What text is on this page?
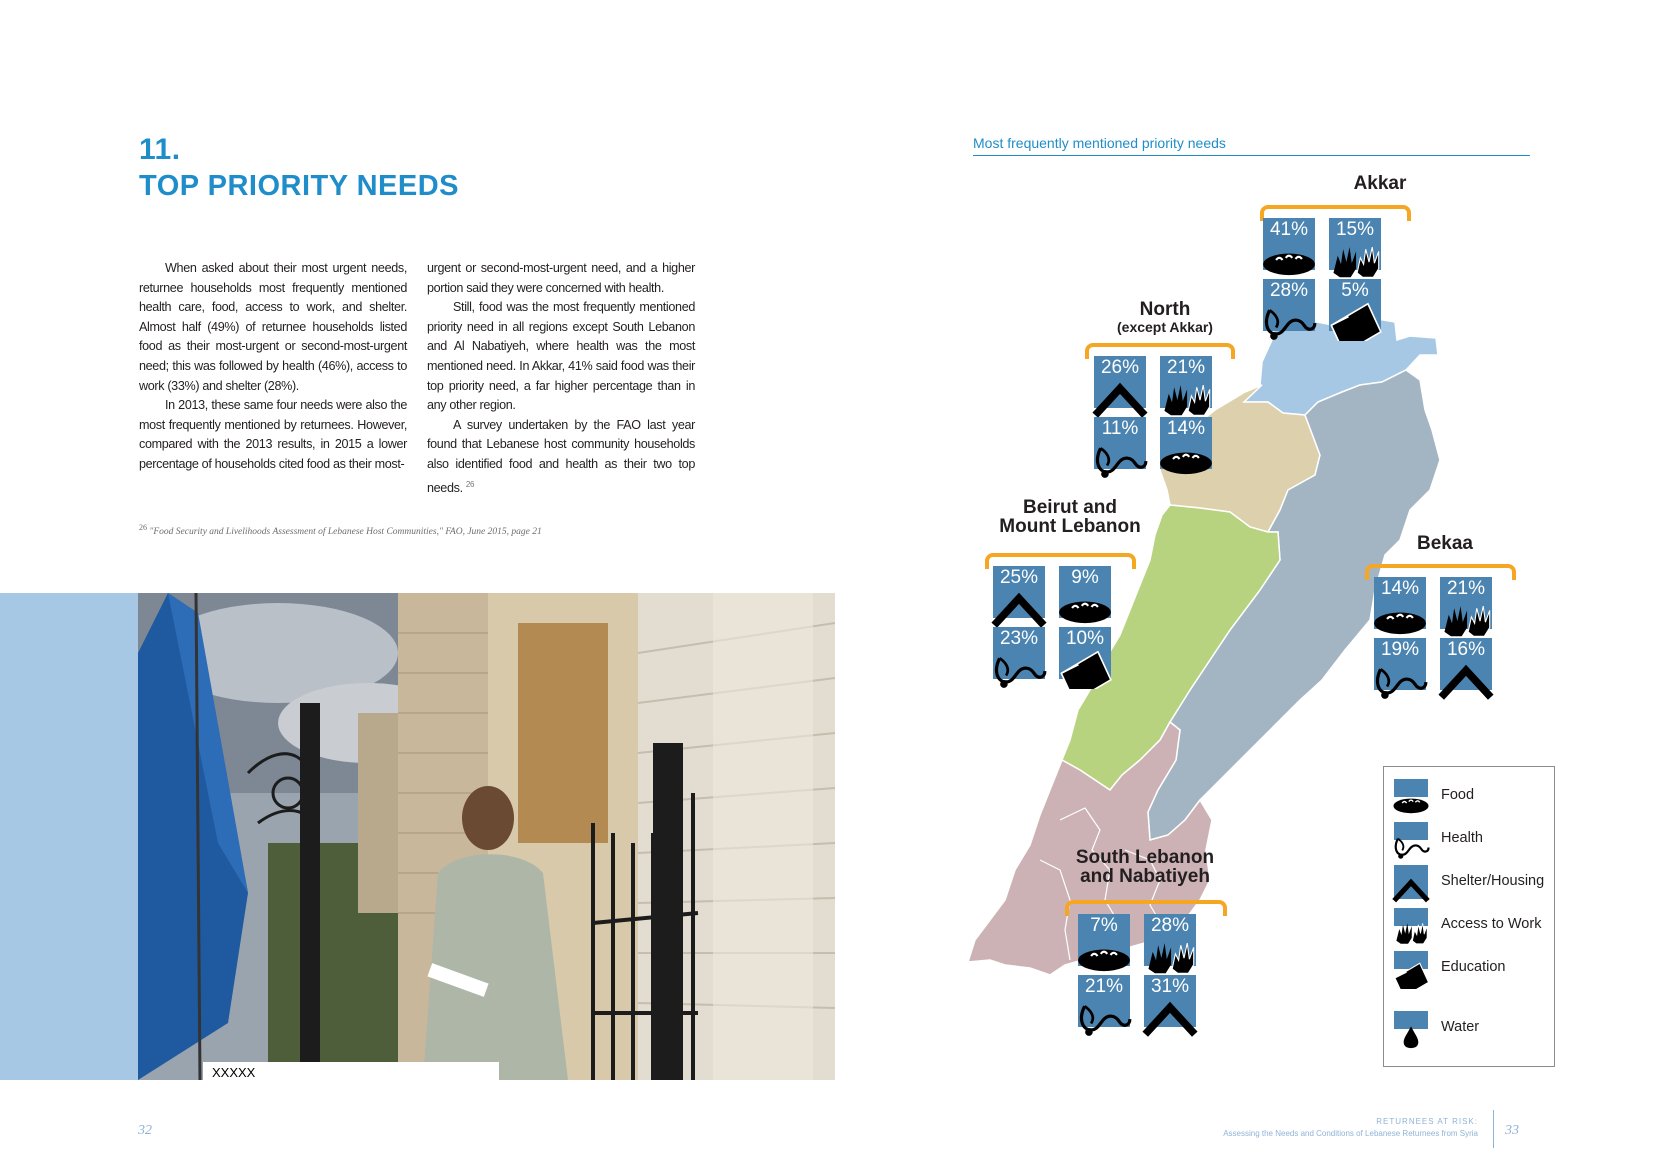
11.
TOP PRIORITY NEEDS

When asked about their most urgent needs, returnee households most frequently mentioned health care, food, access to work, and shelter. Almost half (49%) of returnee households listed food as their most-urgent or second-most-urgent need; this was followed by health (46%), access to work (33%) and shelter (28%).

In 2013, these same four needs were also the most frequently mentioned by returnees. However, compared with the 2013 results, in 2015 a lower percentage of households cited food as their most-

urgent or second-most-urgent need, and a higher portion said they were concerned with health.

Still, food was the most frequently mentioned priority need in all regions except South Lebanon and Al Nabatiyeh, where health was the most mentioned need. In Akkar, 41% said food was their top priority need, a far higher percentage than in any other region.

A survey undertaken by the FAO last year found that Lebanese host community households also identified food and health as their two top needs. $^{26}$

$^{26}$ "Food Security and Livelihoods Assessment of Lebanese Host Communities," FAO, June 2015, page 21
XXXXX
32
Most frequently mentioned priority needs
Akkar
North
(except Akkar)
Beirut and
Mount Lebanon
Bekaa
South Lebanon
and Nabatiyeh
41%	15%
28%	5%
26%	21%
11%	14%
25%	9%
23%	10%
14%	21%
19%	16%
7%	28%
21%	31%
Food
Health
Shelter/Housing
Access to Work
Education
Water
RETURNEES AT RISK:
Assessing the Needs and Conditions of Lebanese Returnees from Syria 33
